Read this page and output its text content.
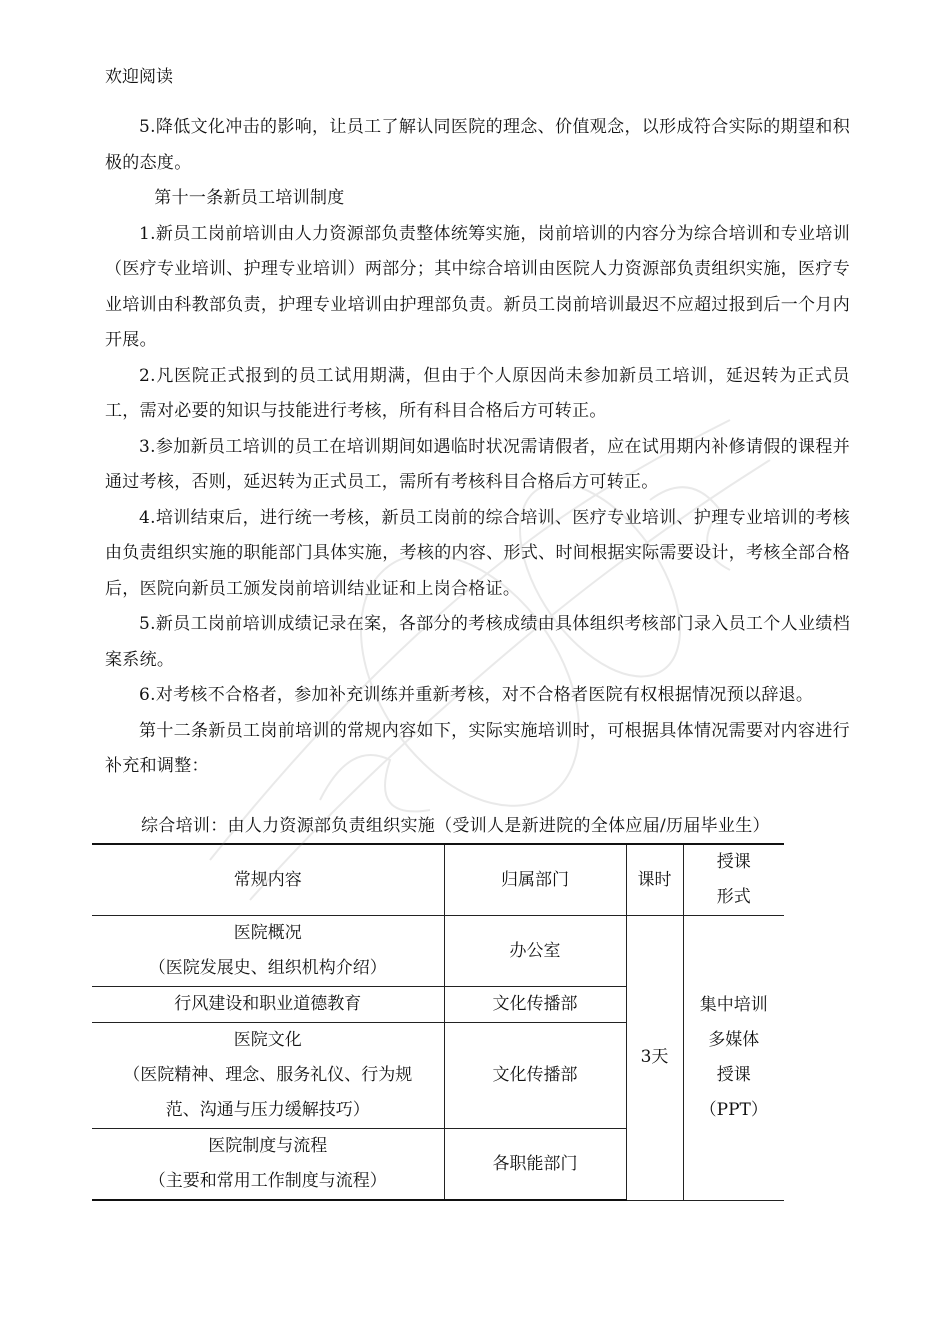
欢迎阅读

5.降低文化冲击的影响，让员工了解认同医院的理念、价值观念，以形成符合实际的期望和积极的态度。

第十一条新员工培训制度

1.新员工岗前培训由人力资源部负责整体统筹实施，岗前培训的内容分为综合培训和专业培训（医疗专业培训、护理专业培训）两部分；其中综合培训由医院人力资源部负责组织实施，医疗专业培训由科教部负责，护理专业培训由护理部负责。新员工岗前培训最迟不应超过报到后一个月内开展。

2.凡医院正式报到的员工试用期满，但由于个人原因尚未参加新员工培训，延迟转为正式员工，需对必要的知识与技能进行考核，所有科目合格后方可转正。

3.参加新员工培训的员工在培训期间如遇临时状况需请假者，应在试用期内补修请假的课程并通过考核，否则，延迟转为正式员工，需所有考核科目合格后方可转正。

4.培训结束后，进行统一考核，新员工岗前的综合培训、医疗专业培训、护理专业培训的考核由负责组织实施的职能部门具体实施，考核的内容、形式、时间根据实际需要设计，考核全部合格后，医院向新员工颁发岗前培训结业证和上岗合格证。

5.新员工岗前培训成绩记录在案，各部分的考核成绩由具体组织考核部门录入员工个人业绩档案系统。

6.对考核不合格者，参加补充训练并重新考核，对不合格者医院有权根据情况预以辞退。

第十二条新员工岗前培训的常规内容如下，实际实施培训时，可根据具体情况需要对内容进行补充和调整：

综合培训：由人力资源部负责组织实施（受训人是新进院的全体应届/历届毕业生）
常规内容	归属部门	课时	授课
形式

医院概况
（医院发展史、组织机构介绍）	办公室	3天	集中培训
多媒体
授课
（PPT）

行风建设和职业道德教育	文化传播部		

医院文化
（医院精神、理念、服务礼仪、行为规
范、沟通与压力缓解技巧）	文化传播部		

医院制度与流程
（主要和常用工作制度与流程）	各职能部门		
